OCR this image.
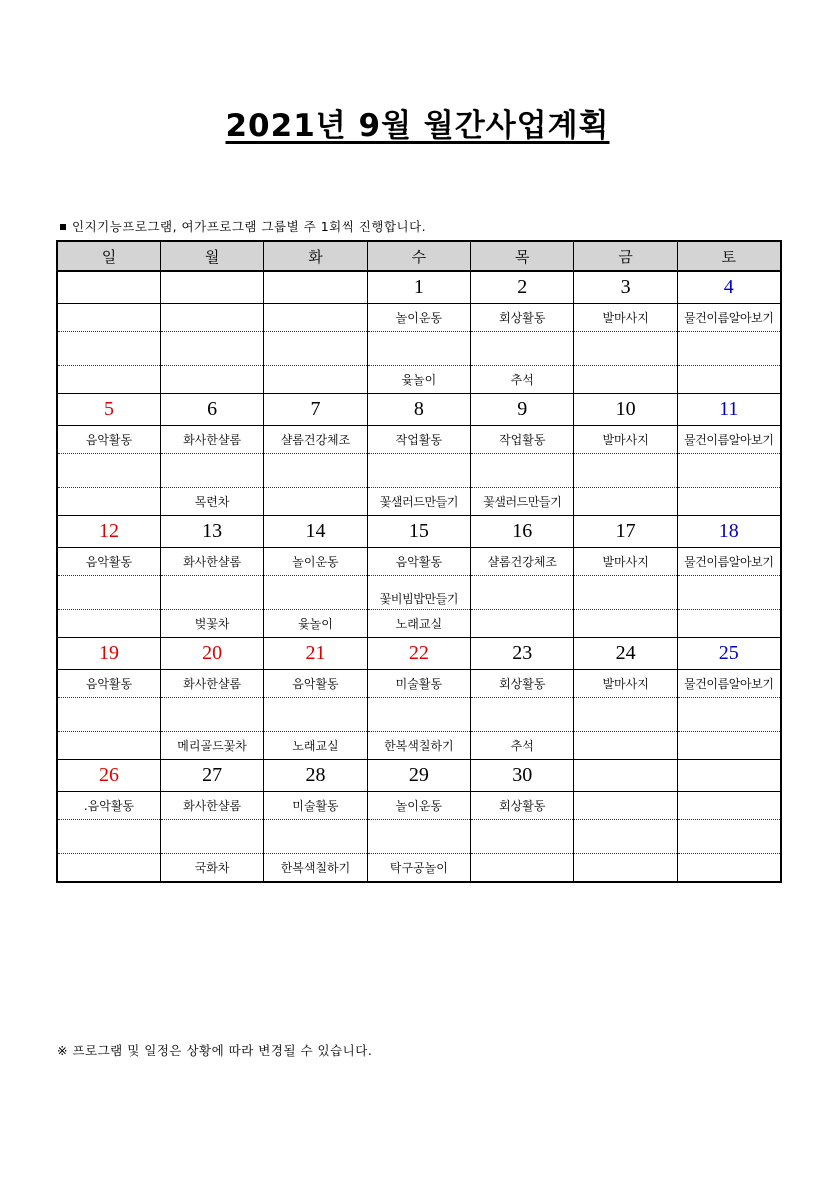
2021년 9월 월간사업계획
인지기능프로그램, 여가프로그램 그룹별 주 1회씩 진행합니다.
일	월	화	수	목	금	토
			1	2	3	4
			놀이운동	회상활동	발마사지	물건이름알아보기

			윷놀이	추석		
5	6	7	8	9	10	11
음악활동	화사한샬롬	샬롬건강체조	작업활동	작업활동	발마사지	물건이름알아보기

	목련차		꽃샐러드만들기	꽃샐러드만들기		
12	13	14	15	16	17	18
음악활동	화사한샬롬	놀이운동	음악활동	샬롬건강체조	발마사지	물건이름알아보기
			꽃비빔밥만들기			
	벚꽃차	윷놀이	노래교실			
19	20	21	22	23	24	25
음악활동	화사한샬롬	음악활동	미술활동	회상활동	발마사지	물건이름알아보기

	메리골드꽃차	노래교실	한복색칠하기	추석		
26	27	28	29	30		
.음악활동	화사한샬롬	미술활동	놀이운동	회상활동		

	국화차	한복색칠하기	탁구공놀이			
※ 프로그램 및 일정은 상황에 따라 변경될 수 있습니다.
